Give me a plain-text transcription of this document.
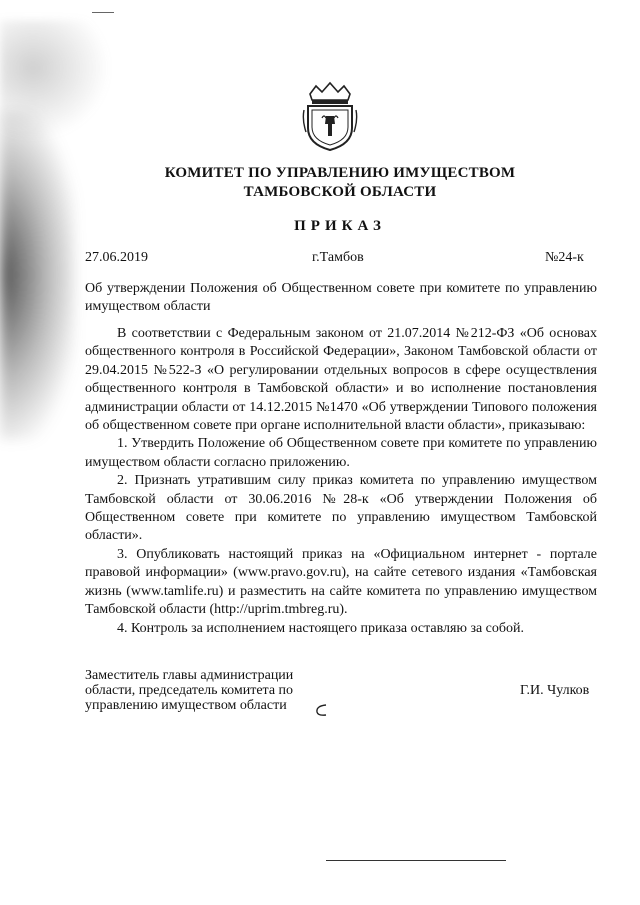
КОМИТЕТ ПО УПРАВЛЕНИЮ ИМУЩЕСТВОМ
ТАМБОВСКОЙ ОБЛАСТИ
ПРИКАЗ
27.06.2019	г.Тамбов	№24-к
Об утверждении Положения об Общественном совете при комитете по управлению имуществом области

В соответствии с Федеральным законом от 21.07.2014 №212-ФЗ «Об основах общественного контроля в Российской Федерации», Законом Тамбовской области от 29.04.2015 №522-З «О регулировании отдельных вопросов в сфере осуществления общественного контроля в Тамбовской области» и во исполнение постановления администрации области от 14.12.2015 №1470 «Об утверждении Типового положения об общественном совете при органе исполнительной власти области», приказываю:

1. Утвердить Положение об Общественном совете при комитете по управлению имуществом области согласно приложению.

2. Признать утратившим силу приказ комитета по управлению имуществом Тамбовской области от 30.06.2016 №28-к «Об утверждении Положения об Общественном совете при комитете по управлению имуществом Тамбовской области».

3. Опубликовать настоящий приказ на «Официальном интернет - портале правовой информации» (www.pravo.gov.ru), на сайте сетевого издания «Тамбовская жизнь (www.tamlife.ru) и разместить на сайте комитета по управлению имуществом Тамбовской области (http://uprim.tmbreg.ru).

4. Контроль за исполнением настоящего приказа оставляю за собой.

Заместитель главы администрации
области, председатель комитета по
управлению имуществом области
Г.И. Чулков
